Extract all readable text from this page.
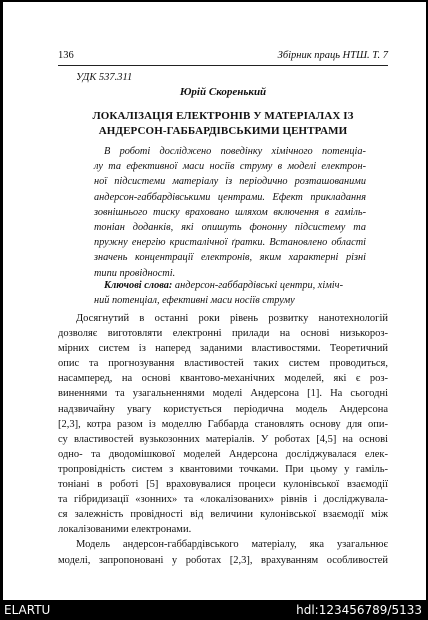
136	Збірник праць НТШ. Т. 7
УДК 537.311
Юрій Скоренький
ЛОКАЛІЗАЦІЯ ЕЛЕКТРОНІВ У МАТЕРІАЛАХ ІЗ
АНДЕРСОН-ГАББАРДІВСЬКИМИ ЦЕНТРАМИ
В роботі досліджено поведінку хімічного потенціа-
лу та ефективної маси носіїв струму в моделі електрон-
ної підсистеми матеріалу із періодично розташованими
андерсон-габбардівськими центрами. Ефект прикладання
зовнішнього тиску враховано шляхом включення в гаміль-
тоніан доданків, які опишуть фононну підсистему та
пружну енергію кристалічної ґратки. Встановлено області
значень концентрації електронів, яким характерні різні
типи провідності.
Ключові слова: андерсон-габбардівські центри, хіміч-
ний потенціал, ефективні маси носіїв струму
Досягнутий в останні роки рівень розвитку нанотехнологій
дозволяє виготовляти електронні прилади на основі низькороз-
мірних систем із наперед заданими властивостями. Теоретичний
опис та прогнозування властивостей таких систем проводиться,
насамперед, на основі квантово-механічних моделей, які є роз-
виненнями та узагальненнями моделі Андерсона [1]. На сьогодні
надзвичайну увагу користується періодична модель Андерсона
[2,3], котра разом із моделлю Габбарда становлять основу для опи-
су властивостей вузькозонних матеріалів. У роботах [4,5] на основі
одно- та дводомішкової моделей Андерсона досліджувалася елек-
тропровідність систем з квантовими точками. При цьому у гаміль-
тоніані в роботі [5] враховувалися процеси кулонівської взаємодії
та гібридизації «зонних» та «локалізованих» рівнів і досліджувала-
ся залежність провідності від величини кулонівської взаємодії між
локалізованими електронами.
Модель андерсон-габбардівського матеріалу, яка узагальнює
моделі, запропоновані у роботах [2,3], врахуванням особливостей
ELARTU	hdl:123456789/5133
